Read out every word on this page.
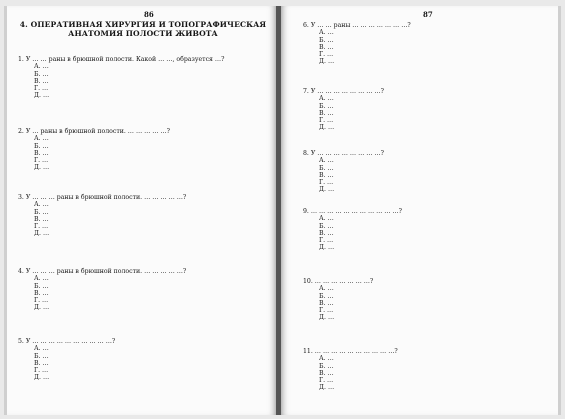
86
4. ОПЕРАТИВНАЯ ХИРУРГИЯ И ТОПОГРАФИЧЕСКАЯ АНАТОМИЯ ПОЛОСТИ ЖИВОТА
1. У … … раны в брюшной полости. Какой … …, образуется …?
А. …
Б. …
В. …
Г. …
Д. …
2. У … раны в брюшной полости. … … … … …?
А. …
Б. …
В. …
Г. …
Д. …
3. У … … … раны в брюшной полости. … … … … …?
А. …
Б. …
В. …
Г. …
Д. …
4. У … … … раны в брюшной полости. … … … … …?
А. …
Б. …
В. …
Г. …
Д. …
5. У … … … … … … … … … …?
А. …
Б. …
В. …
Г. …
Д. …
87
6. У … … раны … … … … … … …?
А. …
Б. …
В. …
Г. …
Д. …
7. У … … … … … … … …?
А. …
Б. …
В. …
Г. …
Д. …
8. У … … … … … … … …?
А. …
Б. …
В. …
Г. …
Д. …
9. … … … … … … … … … … …?
А. …
Б. …
В. …
Г. …
Д. …
10. … … … … … … …?
А. …
Б. …
В. …
Г. …
Д. …
11. … … … … … … … … … …?
А. …
Б. …
В. …
Г. …
Д. …
